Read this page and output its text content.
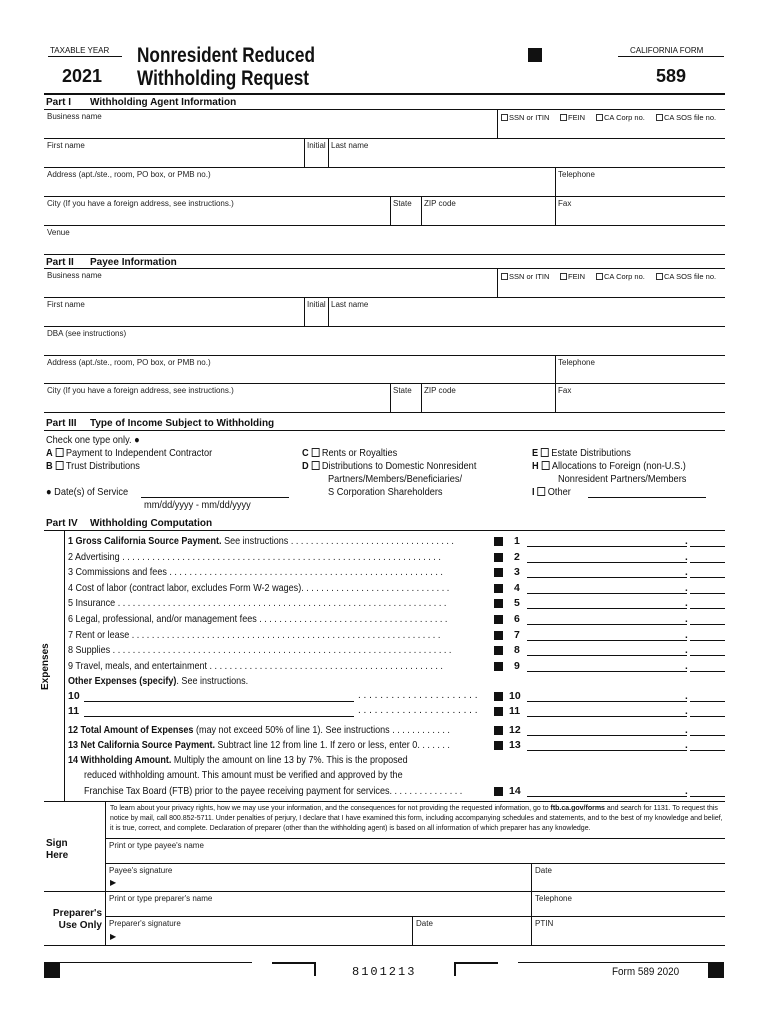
TAXABLE YEAR
2021
Nonresident Reduced
Withholding Request
CALIFORNIA FORM
589
Part I Withholding Agent Information
Business name	SSN or ITIN	FEIN	CA Corp no.	CA SOS file no.
First name	Initial Last name
Address (apt./ste., room, PO box, or PMB no.)	Telephone
City (If you have a foreign address, see instructions.)	State ZIP code	Fax
Venue
Part II Payee Information
Business name	SSN or ITIN	FEIN	CA Corp no.	CA SOS file no.
First name	Initial Last name
DBA (see instructions)
Address (apt./ste., room, PO box, or PMB no.)	Telephone
City (If you have a foreign address, see instructions.)	State ZIP code	Fax
Part III Type of Income Subject to Withholding
Check one type only. ●
A Payment to Independent Contractor
B Trust Distributions
C Rents or Royalties
D Distributions to Domestic Nonresident
Partners/Members/Beneficiaries/
S Corporation Shareholders
E Estate Distributions
H Allocations to Foreign (non-U.S.)
Nonresident Partners/Members
I Other
● Date(s) of Service
mm/dd/yyyy - mm/dd/yyyy
Part IV Withholding Computation
Expenses
1 Gross California Source Payment. See instructions . . . . . . . . . . . . . . . . . . . . . . . . . . . . . . . . .	1	.
2 Advertising . . . . . . . . . . . . . . . . . . . . . . . . . . . . . . . . . . . . . . . . . . . . . . . . . . . . . . . . . . . . . . . .	2	.
3 Commissions and fees . . . . . . . . . . . . . . . . . . . . . . . . . . . . . . . . . . . . . . . . . . . . . . . . . . . . . . .	3	.
4 Cost of labor (contract labor, excludes Form W-2 wages). . . . . . . . . . . . . . . . . . . . . . . . . . . . . .	4	.
5 Insurance . . . . . . . . . . . . . . . . . . . . . . . . . . . . . . . . . . . . . . . . . . . . . . . . . . . . . . . . . . . . . . . . . .	5	.
6 Legal, professional, and/or management fees . . . . . . . . . . . . . . . . . . . . . . . . . . . . . . . . . . . . . .	6	.
7 Rent or lease . . . . . . . . . . . . . . . . . . . . . . . . . . . . . . . . . . . . . . . . . . . . . . . . . . . . . . . . . . . . . .	7	.
8 Supplies . . . . . . . . . . . . . . . . . . . . . . . . . . . . . . . . . . . . . . . . . . . . . . . . . . . . . . . . . . . . . . . . . . . .	8	.
9 Travel, meals, and entertainment . . . . . . . . . . . . . . . . . . . . . . . . . . . . . . . . . . . . . . . . . . . . . . .	9	.
Other Expenses (specify). See instructions.
10	. . . . . . . . . . . . . . . . . . . . . .	10	.
11	. . . . . . . . . . . . . . . . . . . . . .	11	.
12 Total Amount of Expenses (may not exceed 50% of line 1). See instructions . . . . . . . . . . . .	12	.
13 Net California Source Payment. Subtract line 12 from line 1. If zero or less, enter 0. . . . . . .	13	.
14 Withholding Amount. Multiply the amount on line 13 by 7%. This is the proposed
reduced withholding amount. This amount must be verified and approved by the
Franchise Tax Board (FTB) prior to the payee receiving payment for services. . . . . . . . . . . . . . .	14	.
To learn about your privacy rights, how we may use your information, and the consequences for not providing the requested information, go to ftb.ca.gov/forms and search for 1131. To request this notice by mail, call 800.852-5711. Under penalties of perjury, I declare that I have examined this form, including accompanying schedules and statements, and to the best of my knowledge and belief, it is true, correct, and complete. Declaration of preparer (other than the withholding agent) is based on all information of which preparer has any knowledge.
Sign
Here
Print or type payee's name
Payee's signature
▶
Date
Print or type preparer's name	Telephone
Preparer's
Use Only Preparer's signature
▶
Date	PTIN
8101213	Form 589 2020
